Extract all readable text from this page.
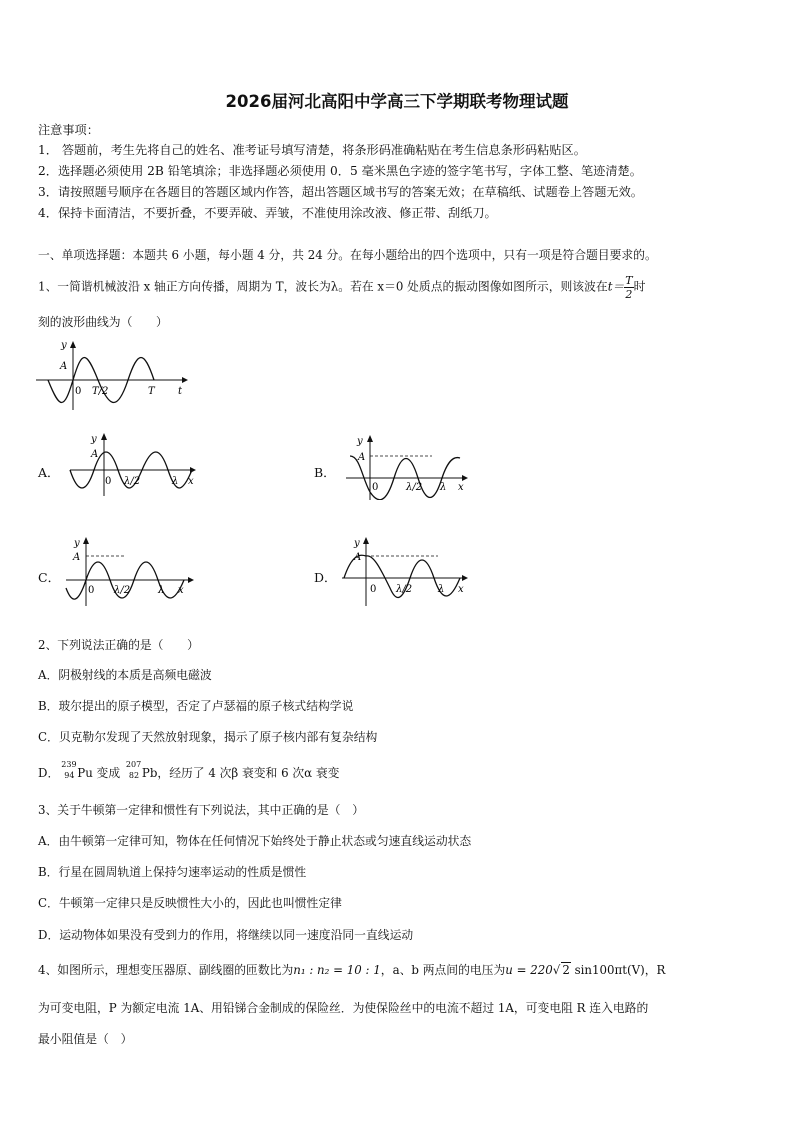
2026届河北高阳中学高三下学期联考物理试题
注意事项：
1． 答题前，考生先将自己的姓名、准考证号填写清楚，将条形码准确粘贴在考生信息条形码粘贴区。
2．选择题必须使用 2B 铅笔填涂；非选择题必须使用 0．5 毫米黑色字迹的签字笔书写，字体工整、笔迹清楚。
3．请按照题号顺序在各题目的答题区域内作答，超出答题区域书写的答案无效；在草稿纸、试题卷上答题无效。
4．保持卡面清洁，不要折叠，不要弄破、弄皱，不准使用涂改液、修正带、刮纸刀。
一、单项选择题：本题共 6 小题，每小题 4 分，共 24 分。在每小题给出的四个选项中，只有一项是符合题目要求的。
1、一简谐机械波沿 x 轴正方向传播，周期为 T，波长为λ。若在 x＝0 处质点的振动图像如图所示，则该波在$t= \frac{T}{2}$ 时
刻的波形曲线为（　　）
y
A
0 T/2	T t
A．
y
A
0 λ/2	λ x
B．
y
A
0	λ/2 λ x
C．
y
A
0 λ/2	λ x
D．
y
A
0 λ/2	λ x
2、下列说法正确的是（　　）
A．阴极射线的本质是高频电磁波
B．玻尔提出的原子模型，否定了卢瑟福的原子核式结构学说
C．贝克勒尔发现了天然放射现象，揭示了原子核内部有复杂结构
D．
239
94 Pu 变成
207
82 Pb，经历了 4 次β 衰变和 6 次α 衰变
3、关于牛顿第一定律和惯性有下列说法，其中正确的是（　）
A．由牛顿第一定律可知，物体在任何情况下始终处于静止状态或匀速直线运动状态
B．行星在圆周轨道上保持匀速率运动的性质是惯性
C．牛顿第一定律只是反映惯性大小的，因此也叫惯性定律
D．运动物体如果没有受到力的作用，将继续以同一速度沿同一直线运动
4、如图所示，理想变压器原、副线圈的匝数比为n₁ : n₂ = 10 : 1，a、b 两点间的电压为u = 220√ 2 sin100πt(V)，R
为可变电阻，P 为额定电流 1A、用铅锑合金制成的保险丝．为使保险丝中的电流不超过 1A，可变电阻 R 连入电路的
最小阻值是（　）
